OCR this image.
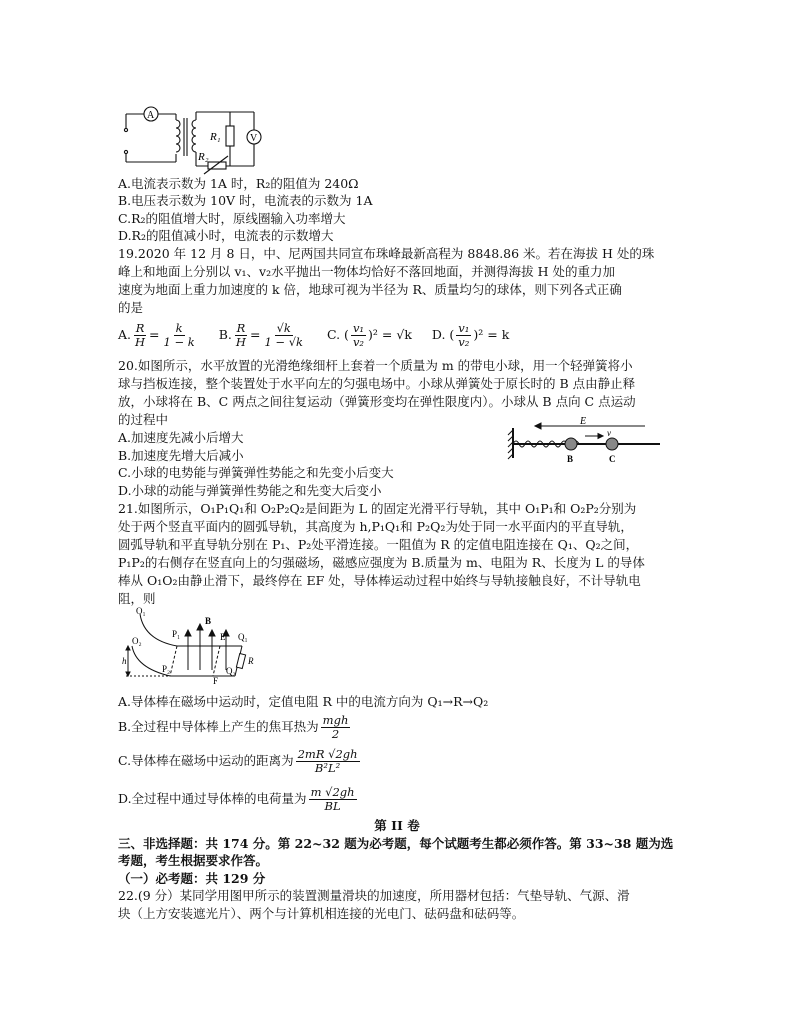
A
V
R₁
R₂
A.电流表示数为 1A 时，R₂的阻值为 240Ω
B.电压表示数为 10V 时，电流表的示数为 1A
C.R₂的阻值增大时，原线圈输入功率增大
D.R₂的阻值减小时，电流表的示数增大
19.2020 年 12 月 8 日，中、尼两国共同宣布珠峰最新高程为 8848.86 米。若在海拔 H 处的珠
峰上和地面上分别以 v₁、v₂水平抛出一物体均恰好不落回地面，并测得海拔 H 处的重力加
速度为地面上重力加速度的 k 倍，地球可视为半径为 R、质量均匀的球体，则下列各式正确
的是
A. $\frac{R}{H} = \frac{k}{1 - k}$
B. $\frac{R}{H} = \frac{√k}{1 - √k}$
C. ( $\frac{\text{v₁}}{\text{v₂}} )^2 = √k$
D. ( $\frac{\text{v₁}}{\text{v₂}} )^2 = k$
20.如图所示，水平放置的光滑绝缘细杆上套着一个质量为 m 的带电小球，用一个轻弹簧将小
球与挡板连接，整个装置处于水平向左的匀强电场中。小球从弹簧处于原长时的 B 点由静止释
放，小球将在 B、C 两点之间往复运动（弹簧形变均在弹性限度内）。小球从 B 点向 C 点运动
的过程中
A.加速度先减小后增大
B.加速度先增大后减小
C.小球的电势能与弹簧弹性势能之和先变小后变大
D.小球的动能与弹簧弹性势能之和先变大后变小
E
v
B	C
21.如图所示，O₁P₁Q₁和 O₂P₂Q₂是间距为 L 的固定光滑平行导轨，其中 O₁P₁和 O₂P₂分别为
处于两个竖直平面内的圆弧导轨，其高度为 h,P₁Q₁和 P₂Q₂为处于同一水平面内的平直导轨，
圆弧导轨和平直导轨分别在 P₁、P₂处平滑连接。一阻值为 R 的定值电阻连接在 Q₁、Q₂之间，
P₁P₂的右侧存在竖直向上的匀强磁场，磁感应强度为 B.质量为 m、电阻为 R、长度为 L 的导体
棒从 O₁O₂由静止滑下，最终停在 EF 处，导体棒运动过程中始终与导轨接触良好，不计导轨电
阻，则
O₁
O₂
P₁
P₂
B
E
F
Q₁
Q₂
h	R
A.导体棒在磁场中运动时，定值电阻 R 中的电流方向为 Q₁→R→Q₂
B.全过程中导体棒上产生的焦耳热为 $\frac{\text{mgh}}{2}$
C.导体棒在磁场中运动的距离为 $\frac{2mR √2gh}{\text{B²L²}}$
D.全过程中通过导体棒的电荷量为 $\frac{m √2gh}{BL}$
第 II 卷
三、非选择题：共 174 分。第 22~32 题为必考题，每个试题考生都必须作答。第 33~38 题为选
考题，考生根据要求作答。
（一）必考题：共 129 分
22.(9 分）某同学用图甲所示的装置测量滑块的加速度，所用器材包括：气垫导轨、气源、滑
块（上方安装遮光片）、两个与计算机相连接的光电门、砝码盘和砝码等。
